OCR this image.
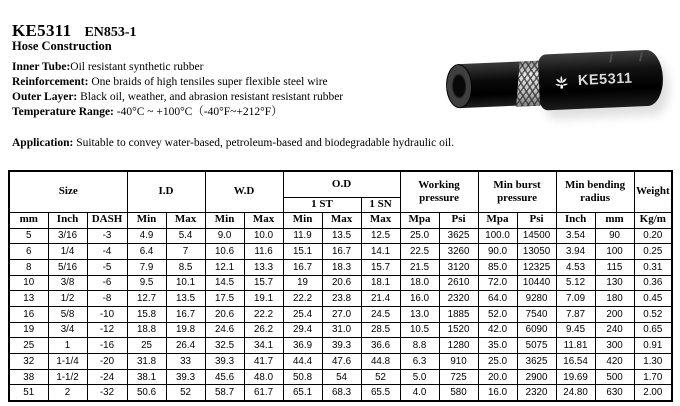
KE5311 EN853-1
Hose Construction

Inner Tube:Oil resistant synthetic rubber

Reinforcement: One braids of high tensiles super flexible steel wire

Outer Layer: Black oil, weather, and abrasion resistant resistant rubber

Temperature Range: -40°C ~ +100°C（-40°F~+212°F）

Application: Suitable to convey water-based, petroleum-based and biodegradable hydraulic oil.

KE5311
Size			I.D		W.D		O.D			Working pressure		Min burst pressure		Min bending radius		Weight
							1 ST		1 SN							
mm	Inch	DASH	Min	Max	Min	Max	Min	Max	Max	Mpa	Psi	Mpa	Psi	Inch	mm	Kg/m
5	3/16	-3	4.9	5.4	9.0	10.0	11.9	13.5	12.5	25.0	3625	100.0	14500	3.54	90	0.20
6	1/4	-4	6.4	7	10.6	11.6	15.1	16.7	14.1	22.5	3260	90.0	13050	3.94	100	0.25
8	5/16	-5	7.9	8.5	12.1	13.3	16.7	18.3	15.7	21.5	3120	85.0	12325	4.53	115	0.31
10	3/8	-6	9.5	10.1	14.5	15.7	19	20.6	18.1	18.0	2610	72.0	10440	5.12	130	0.36
13	1/2	-8	12.7	13.5	17.5	19.1	22.2	23.8	21.4	16.0	2320	64.0	9280	7.09	180	0.45
16	5/8	-10	15.8	16.7	20.6	22.2	25.4	27.0	24.5	13.0	1885	52.0	7540	7.87	200	0.52
19	3/4	-12	18.8	19.8	24.6	26.2	29.4	31.0	28.5	10.5	1520	42.0	6090	9.45	240	0.65
25	1	-16	25	26.4	32.5	34.1	36.9	39.3	36.6	8.8	1280	35.0	5075	11.81	300	0.91
32	1-1/4	-20	31.8	33	39.3	41.7	44.4	47.6	44.8	6.3	910	25.0	3625	16.54	420	1.30
38	1-1/2	-24	38.1	39.3	45.6	48.0	50.8	54	52	5.0	725	20.0	2900	19.69	500	1.70
51	2	-32	50.6	52	58.7	61.7	65.1	68.3	65.5	4.0	580	16.0	2320	24.80	630	2.00
